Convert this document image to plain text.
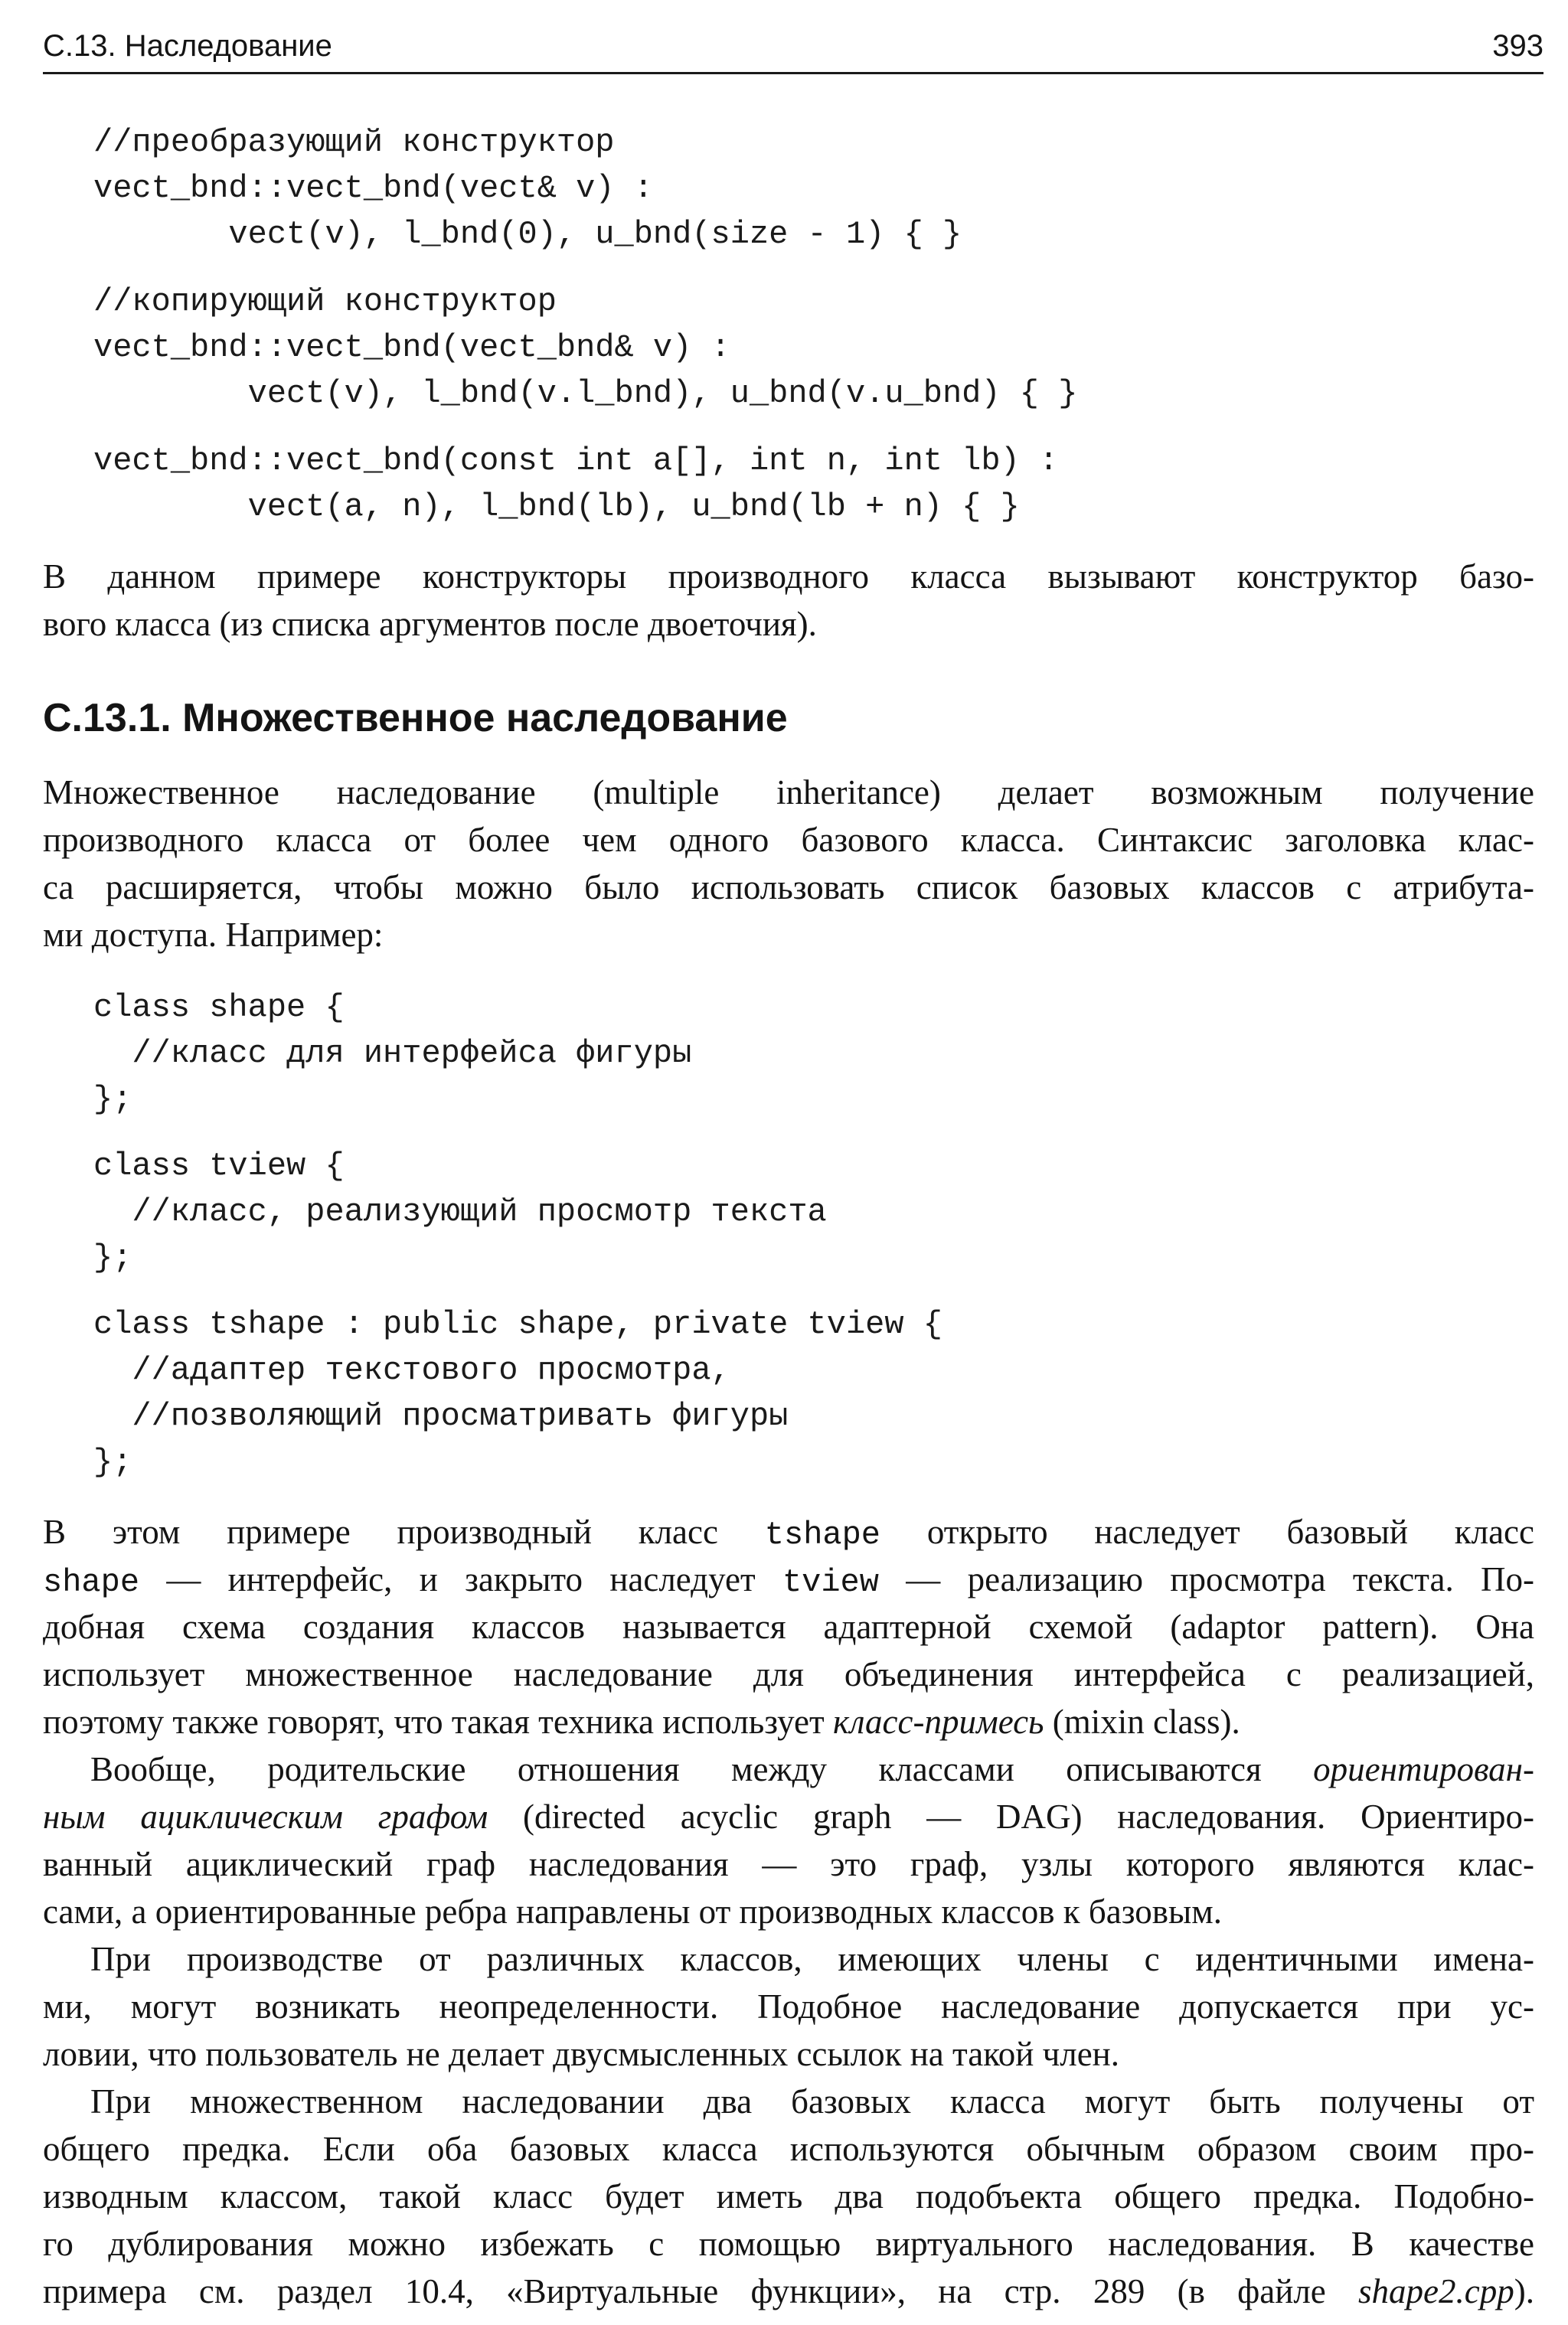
С.13. Наследование	393
//преобразующий конструктор
vect_bnd::vect_bnd(vect& v) :
vect(v), l_bnd(0), u_bnd(size - 1) { }
//копирующий конструктор
vect_bnd::vect_bnd(vect_bnd& v) :
vect(v), l_bnd(v.l_bnd), u_bnd(v.u_bnd) { }
vect_bnd::vect_bnd(const int a[], int n, int lb) :
vect(a, n), l_bnd(lb), u_bnd(lb + n) { }
В данном примере конструкторы производного класса вызывают конструктор базо-
вого класса (из списка аргументов после двоеточия).
С.13.1. Множественное наследование
Множественное наследование (multiple inheritance) делает возможным получение
производного класса от более чем одного базового класса. Синтаксис заголовка клас-
са расширяется, чтобы можно было использовать список базовых классов с атрибута-
ми доступа. Например:
class shape {
//класс для интерфейса фигуры
};
class tview {
//класс, реализующий просмотр текста
};
class tshape : public shape, private tview {
//адаптер текстового просмотра,
//позволяющий просматривать фигуры
};
В этом примере производный класс tshape открыто наследует базовый класс
shape — интерфейс, и закрыто наследует tview — реализацию просмотра текста. По-
добная схема создания классов называется адаптерной схемой (adaptor pattern). Она
использует множественное наследование для объединения интерфейса с реализацией,
поэтому также говорят, что такая техника использует класс-примесь (mixin class).
Вообще, родительские отношения между классами описываются ориентирован-
ным ациклическим графом (directed acyclic graph — DAG) наследования. Ориентиро-
ванный ациклический граф наследования — это граф, узлы которого являются клас-
сами, а ориентированные ребра направлены от производных классов к базовым.
При производстве от различных классов, имеющих члены с идентичными имена-
ми, могут возникать неопределенности. Подобное наследование допускается при ус-
ловии, что пользователь не делает двусмысленных ссылок на такой член.
При множественном наследовании два базовых класса могут быть получены от
общего предка. Если оба базовых класса используются обычным образом своим про-
изводным классом, такой класс будет иметь два подобъекта общего предка. Подобно-
го дублирования можно избежать с помощью виртуального наследования. В качестве
примера см. раздел 10.4, «Виртуальные функции», на стр. 289 (в файле shape2.cpp).
